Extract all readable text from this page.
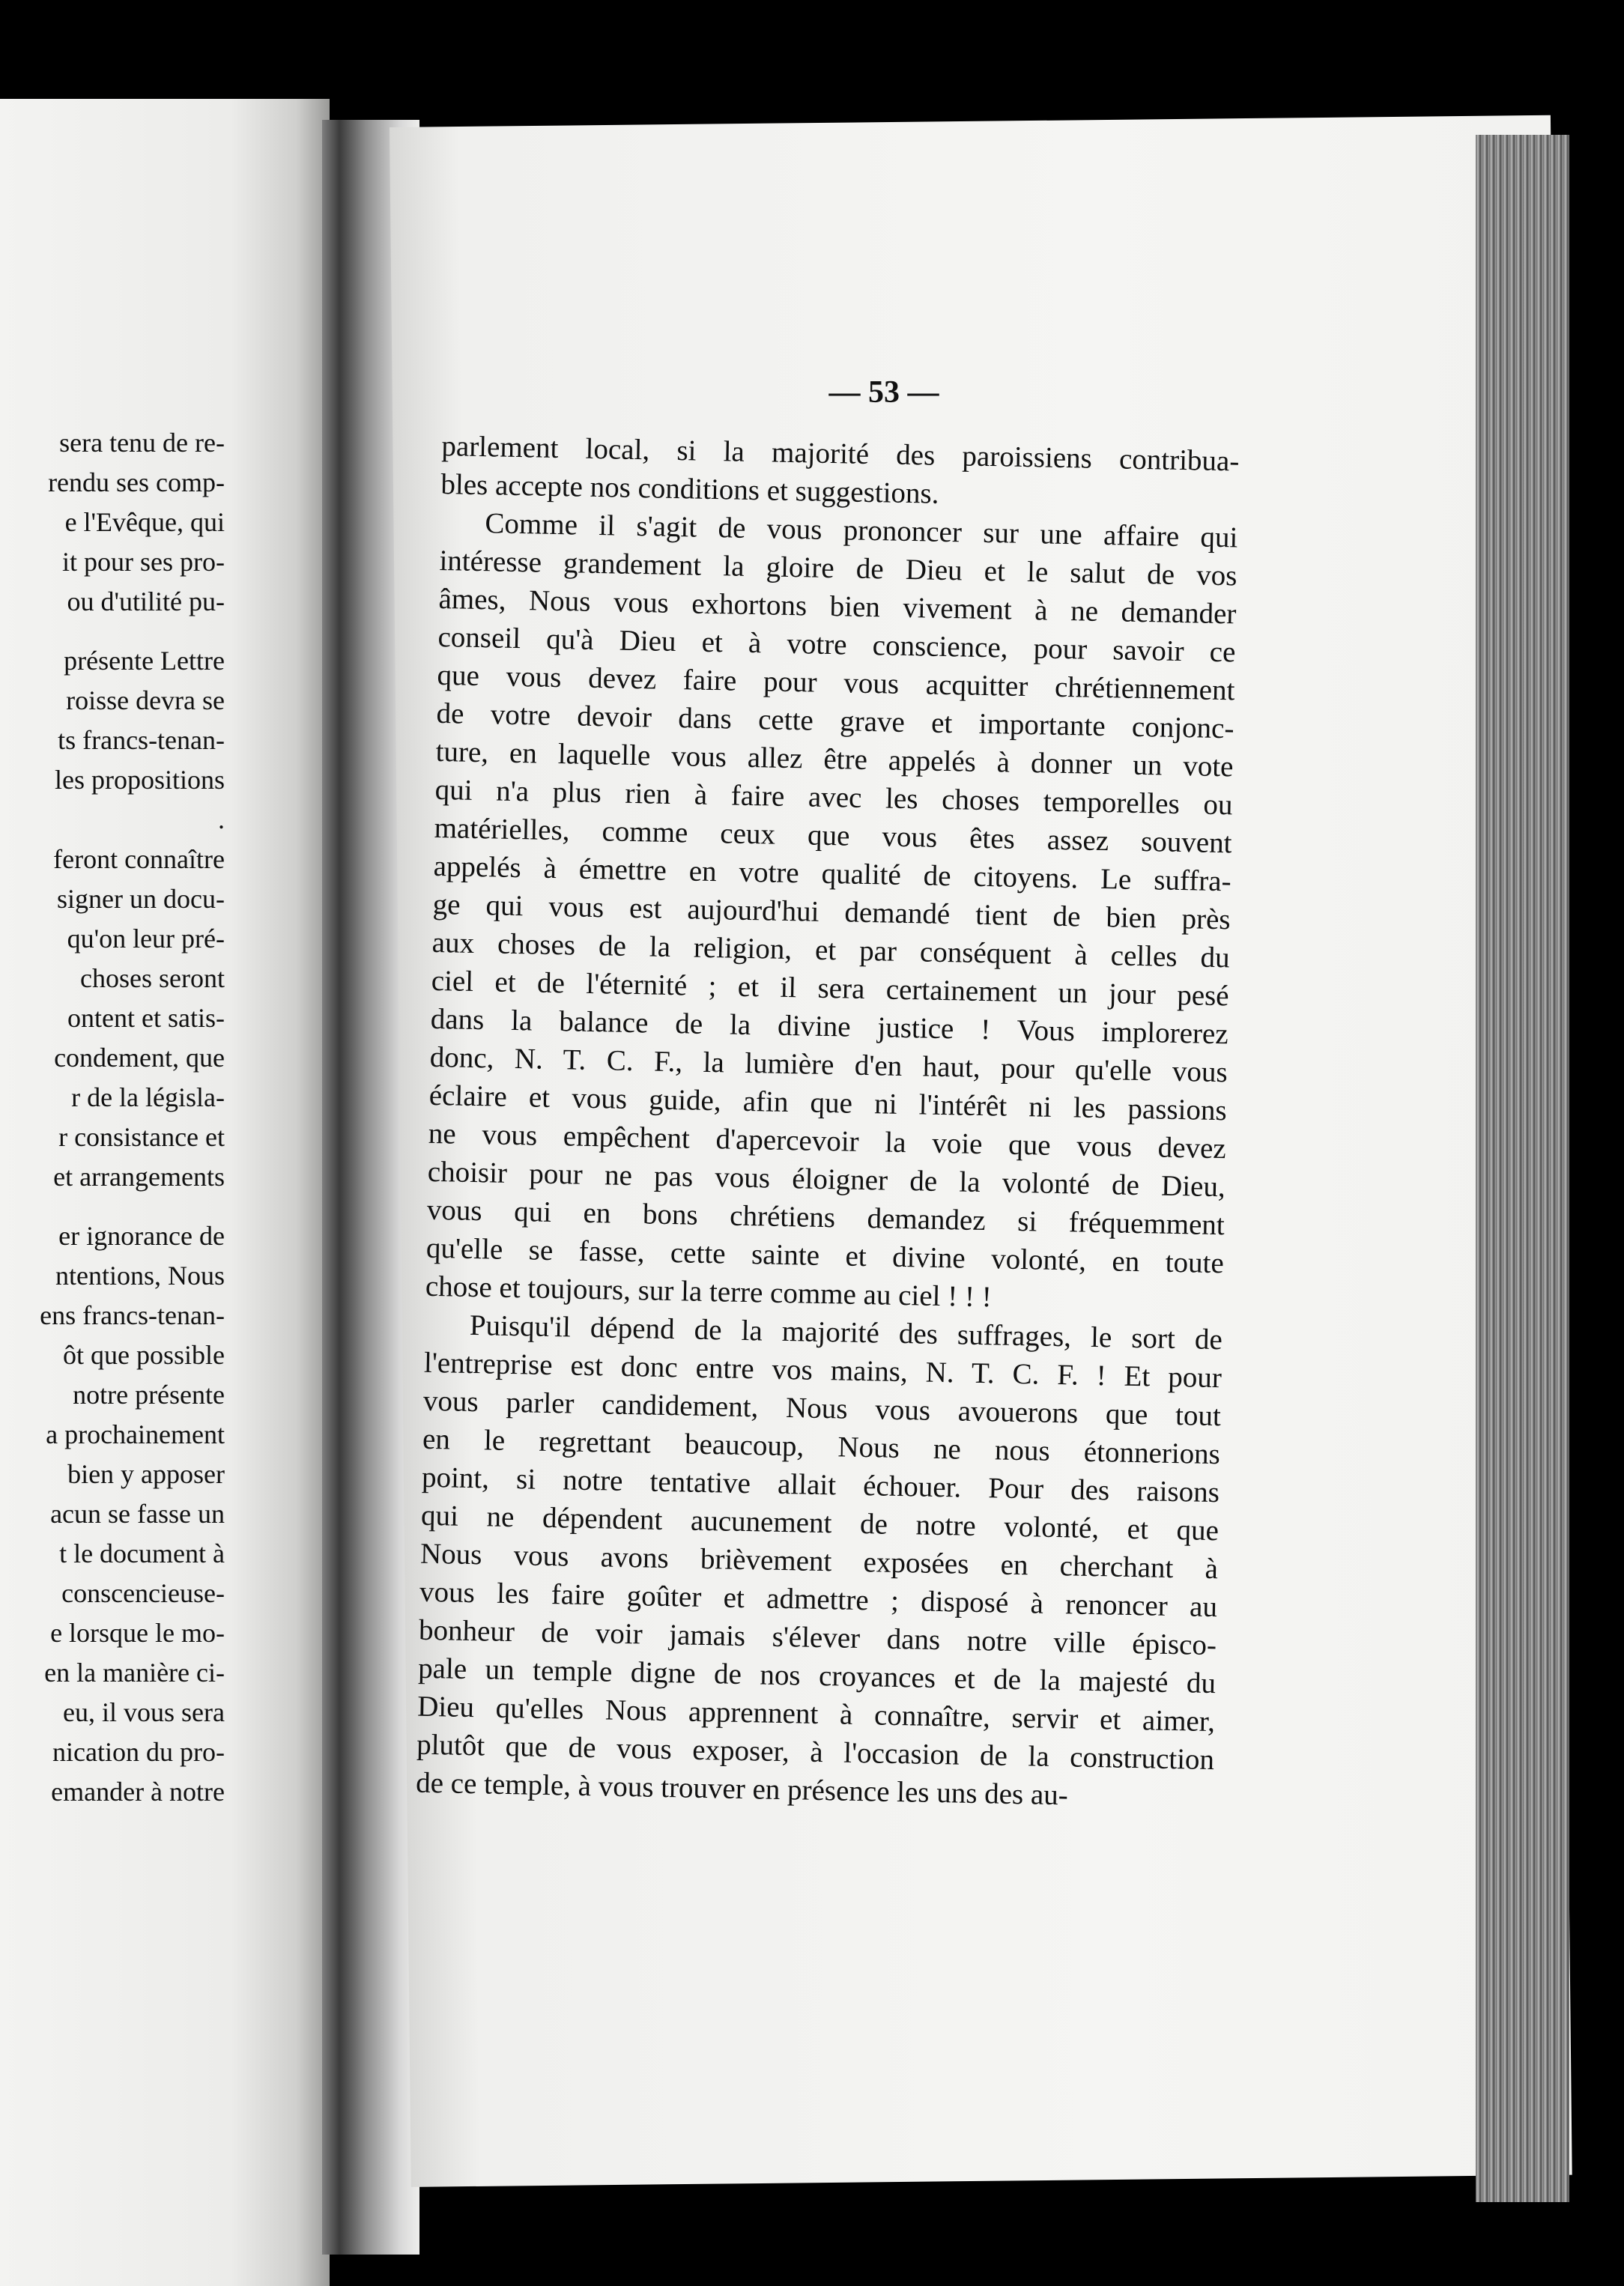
sera tenu de re-
rendu ses comp-
e l'Evêque, qui
it pour ses pro-
ou d'utilité pu-
présente Lettre
roisse devra se
ts francs-tenan-
les propositions
.
feront connaître
signer un docu-
qu'on leur pré-
choses seront
ontent et satis-
condement, que
r de la législa-
r consistance et
et arrangements
er ignorance de
ntentions, Nous
ens francs-tenan-
ôt que possible
notre présente
a prochainement
bien y apposer
acun se fasse un
t le document à
conscencieuse-
e lorsque le mo-
en la manière ci-
eu, il vous sera
nication du pro-
emander à notre
— 53 —
parlement local, si la majorité des paroissiens contribua-
bles accepte nos conditions et suggestions.
Comme il s'agit de vous prononcer sur une affaire qui
intéresse grandement la gloire de Dieu et le salut de vos
âmes, Nous vous exhortons bien vivement à ne demander
conseil qu'à Dieu et à votre conscience, pour savoir ce
que vous devez faire pour vous acquitter chrétiennement
de votre devoir dans cette grave et importante conjonc-
ture, en laquelle vous allez être appelés à donner un vote
qui n'a plus rien à faire avec les choses temporelles ou
matérielles, comme ceux que vous êtes assez souvent
appelés à émettre en votre qualité de citoyens. Le suffra-
ge qui vous est aujourd'hui demandé tient de bien près
aux choses de la religion, et par conséquent à celles du
ciel et de l'éternité ; et il sera certainement un jour pesé
dans la balance de la divine justice ! Vous implorerez
donc, N. T. C. F., la lumière d'en haut, pour qu'elle vous
éclaire et vous guide, afin que ni l'intérêt ni les passions
ne vous empêchent d'apercevoir la voie que vous devez
choisir pour ne pas vous éloigner de la volonté de Dieu,
vous qui en bons chrétiens demandez si fréquemment
qu'elle se fasse, cette sainte et divine volonté, en toute
chose et toujours, sur la terre comme au ciel ! ! !
Puisqu'il dépend de la majorité des suffrages, le sort de
l'entreprise est donc entre vos mains, N. T. C. F. ! Et pour
vous parler candidement, Nous vous avouerons que tout
en le regrettant beaucoup, Nous ne nous étonnerions
point, si notre tentative allait échouer. Pour des raisons
qui ne dépendent aucunement de notre volonté, et que
Nous vous avons brièvement exposées en cherchant à
vous les faire goûter et admettre ; disposé à renoncer au
bonheur de voir jamais s'élever dans notre ville épisco-
pale un temple digne de nos croyances et de la majesté du
Dieu qu'elles Nous apprennent à connaître, servir et aimer,
plutôt que de vous exposer, à l'occasion de la construction
de ce temple, à vous trouver en présence les uns des au-
